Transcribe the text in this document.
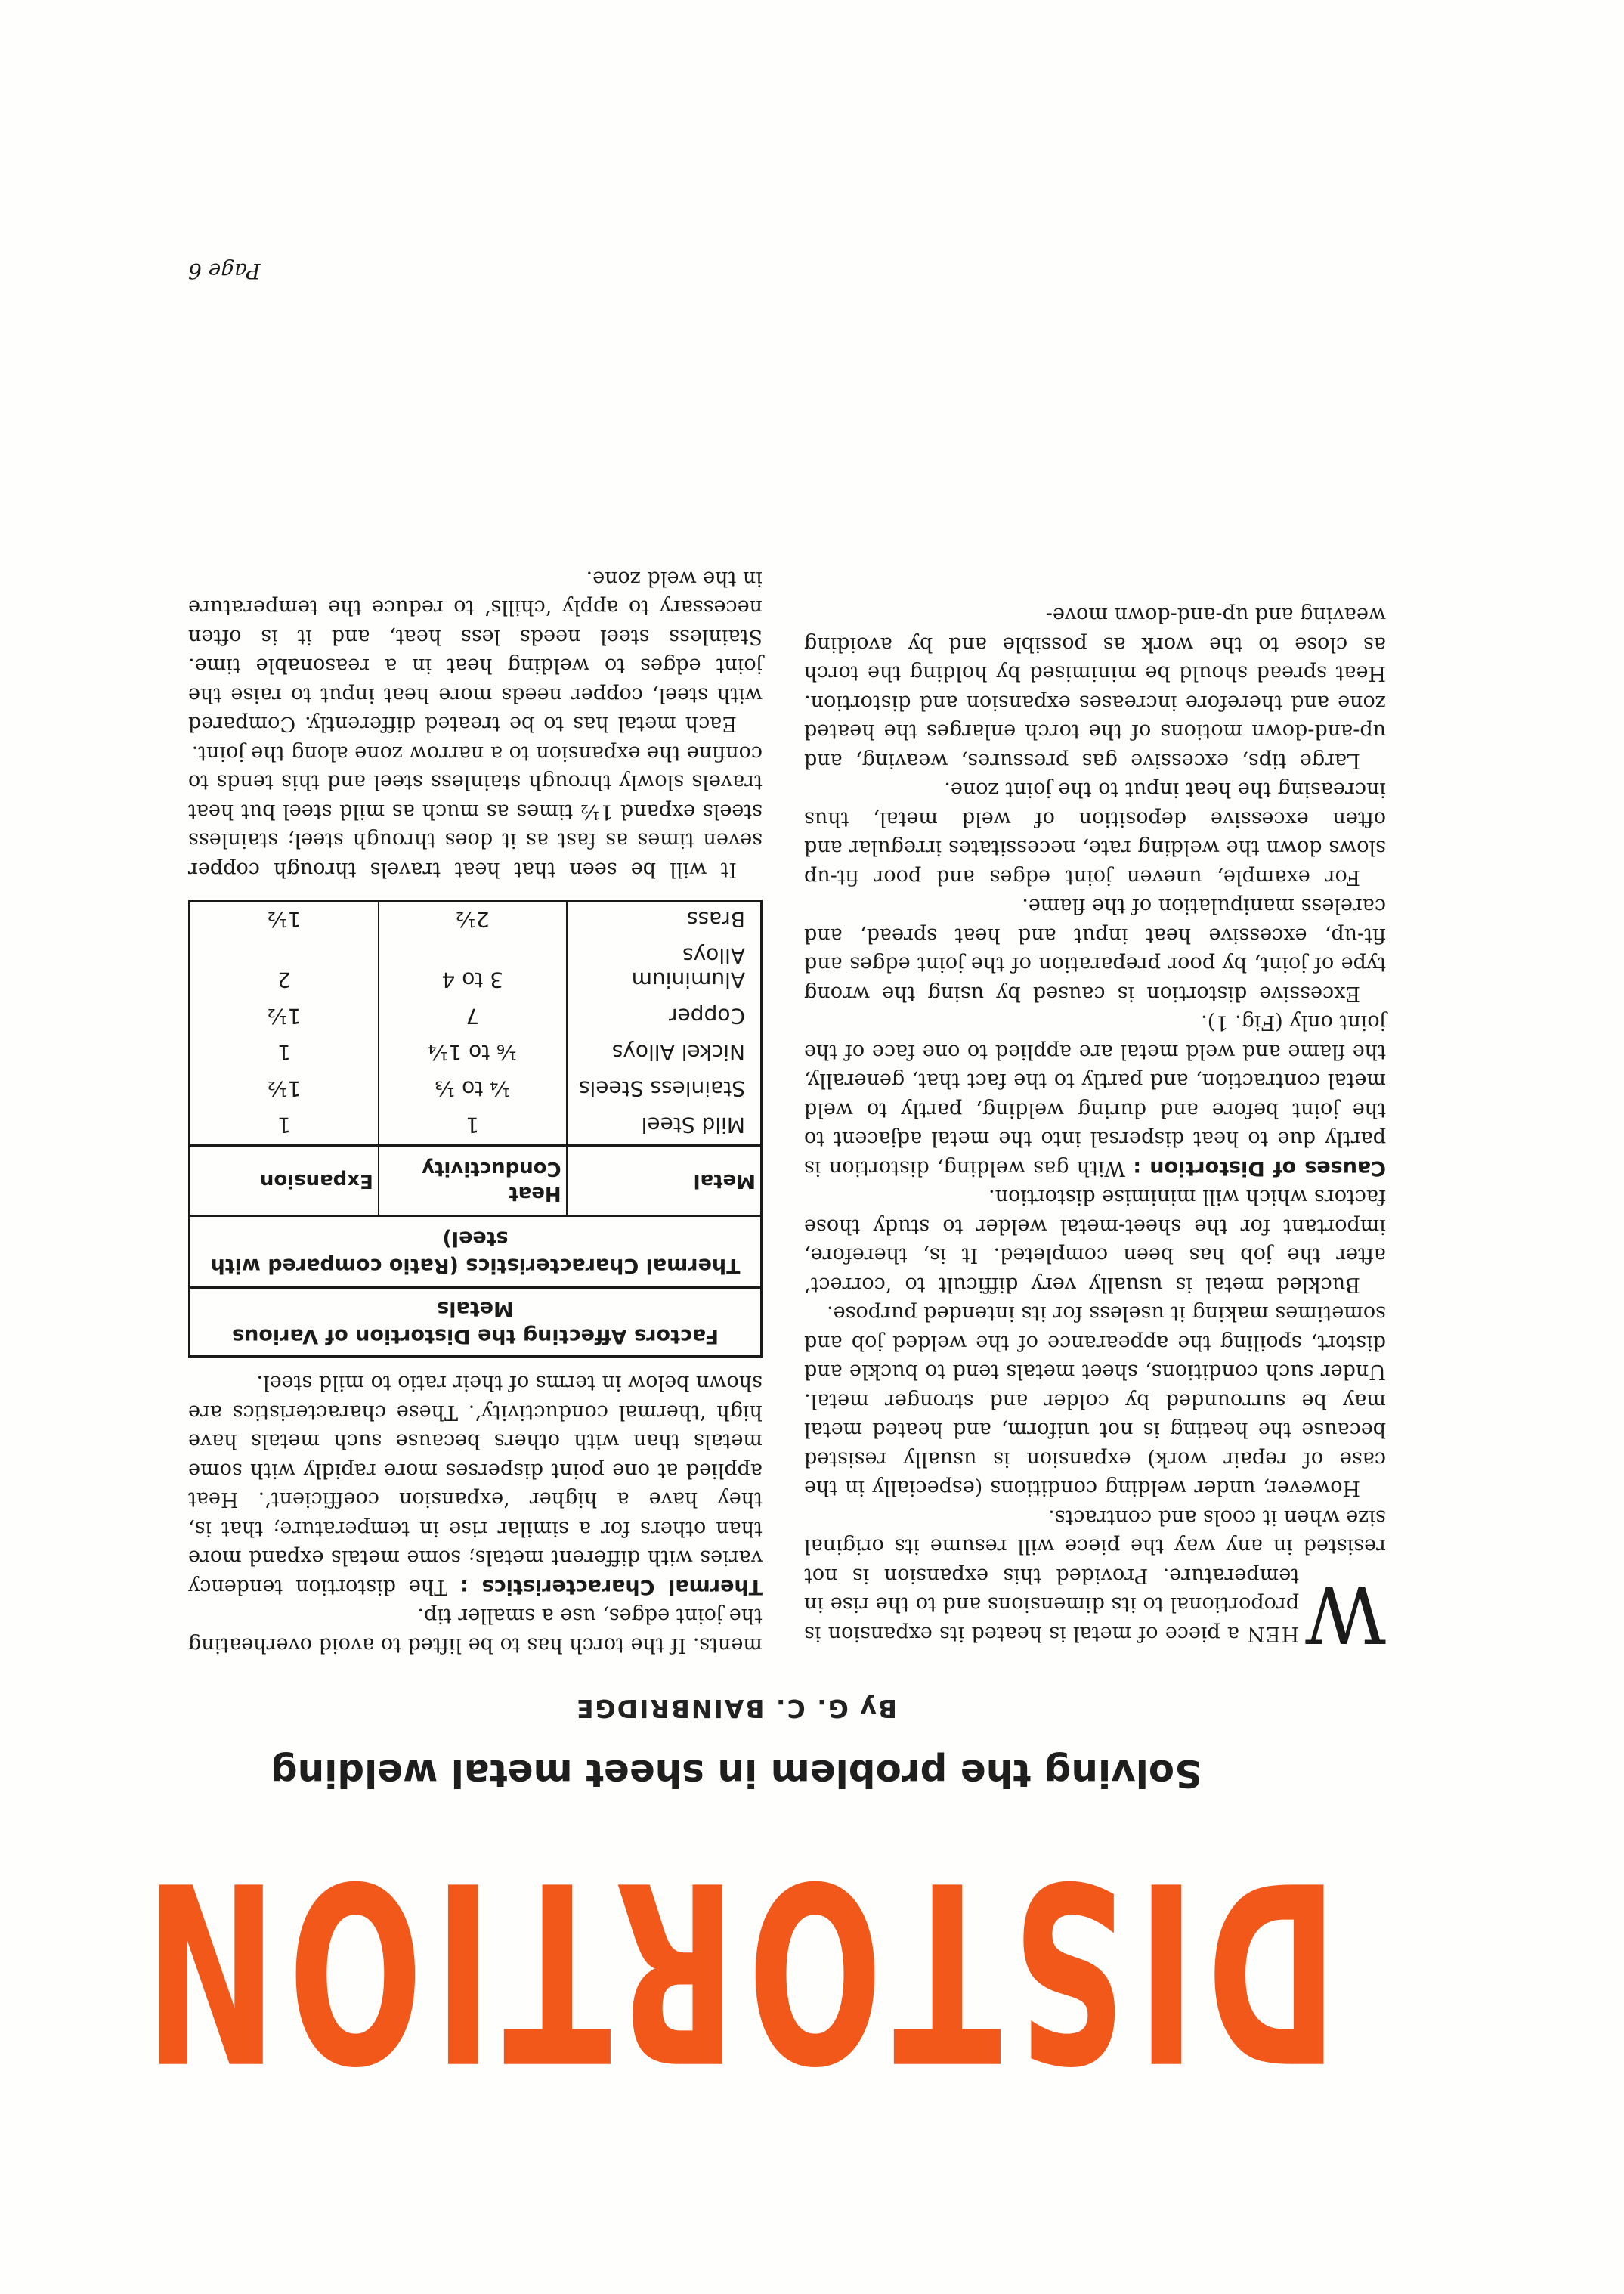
DISTORTION
Solving the problem in sheet metal welding

By G. C. BAINBRIDGE

W
HEN a piece of metal is heated its expansion is proportional to its dimensions and to the rise in temperature. Provided this expansion is not resisted in any way the piece will resume its original size when it cools and contracts.

However, under welding conditions (especially in the case of repair work) expansion is usually resisted because the heating is not uniform, and heated metal may be surrounded by colder and stronger metal. Under such conditions, sheet metals tend to buckle and distort, spoiling the appearance of the welded job and sometimes making it useless for its intended purpose.

Buckled metal is usually very difficult to ‘correct’ after the job has been completed. It is, therefore, important for the sheet-metal welder to study those factors which will minimise distortion.

Causes of Distortion : With gas welding, distortion is partly due to heat dispersal into the metal adjacent to the joint before and during welding, partly to weld metal contraction, and partly to the fact that, generally, the flame and weld metal are applied to one face of the joint only (Fig. 1).

Excessive distortion is caused by using the wrong type of joint, by poor preparation of the joint edges and fit-up, excessive heat input and heat spread, and careless manipulation of the flame.

For example, uneven joint edges and poor fit-up slows down the welding rate, necessitates irregular and often excessive deposition of weld metal, thus increasing the heat input to the joint zone.

Large tips, excessive gas pressures, weaving, and up-and-down motions of the torch enlarges the heated zone and therefore increases expansion and distortion. Heat spread should be minimised by holding the torch as close to the work as possible and by avoiding weaving and up-and-down move-

ments. If the torch has to be lifted to avoid overheating the joint edges, use a smaller tip.

Thermal Characteristics : The distortion tendency varies with different metals; some metals expand more than others for a similar rise in temperature; that is, they have a higher ‘expansion coefficient’. Heat applied at one point disperses more rapidly with some metals than with others because such metals have high ‘thermal conductivity’. These characteristics are shown below in terms of their ratio to mild steel.

Factors Affecting the Distortion of Various Metals
Thermal Characteristics (Ratio compared with steel)
Metal	Heat Conductivity	Expansion
Mild Steel	1	1
Stainless Steels	¼ to ⅓	1½
Nickel Alloys	⅙ to 1¼	1
Copper	7	1½
Aluminium Alloys	3 to 4	2
Brass	2½	1½

It will be seen that heat travels through copper seven times as fast as it does through steel; stainless steels expand 1½ times as much as mild steel but heat travels slowly through stainless steel and this tends to confine the expansion to a narrow zone along the joint.

Each metal has to be treated differently. Compared with steel, copper needs more heat input to raise the joint edges to welding heat in a reasonable time. Stainless steel needs less heat, and it is often necessary to apply ‘chills’ to reduce the temperature in the weld zone.

Page 6
